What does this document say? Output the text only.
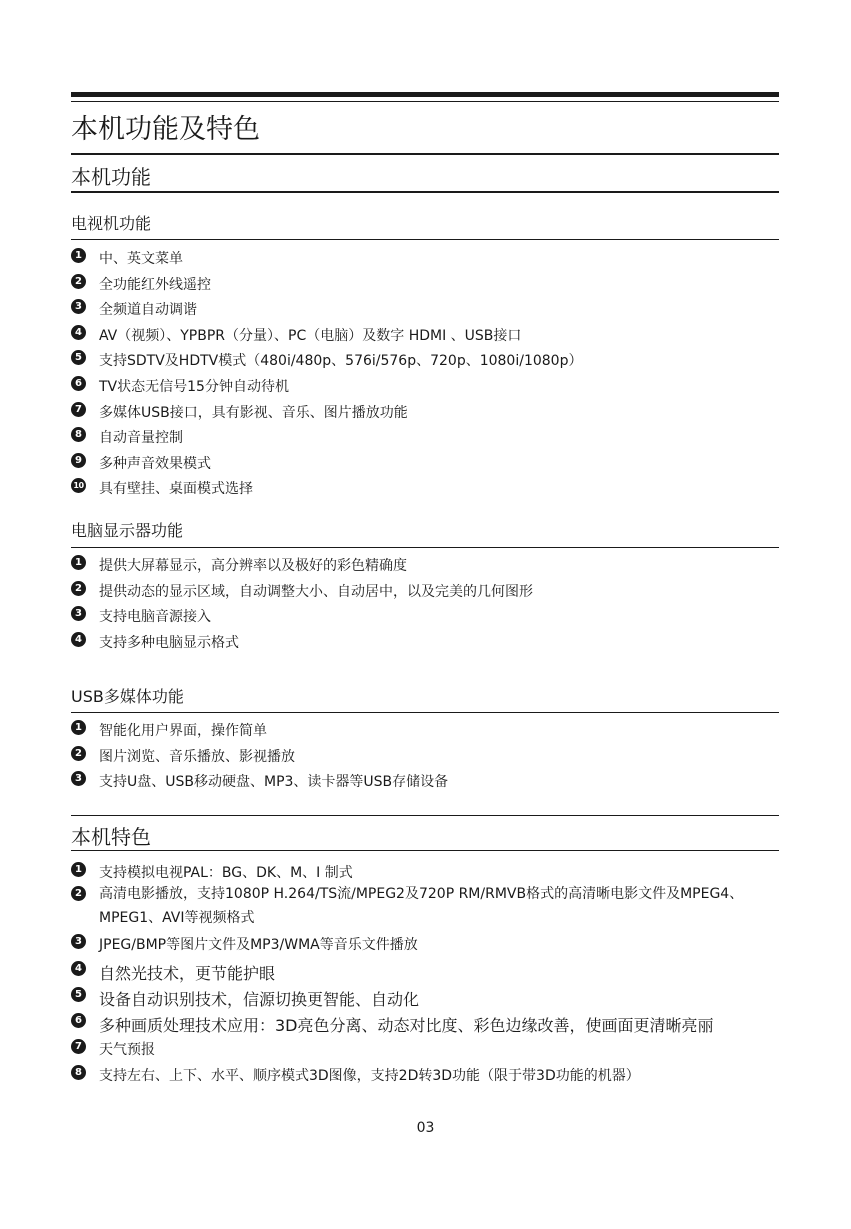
本机功能及特色
本机功能
电视机功能
1 中、英文菜单
2 全功能红外线遥控
3 全频道自动调谐
4 AV（视频）、YPBPR（分量）、PC（电脑）及数字 HDMI 、USB接口
5 支持SDTV及HDTV模式（480i/480p、576i/576p、720p、1080i/1080p）
6 TV状态无信号15分钟自动待机
7 多媒体USB接口，具有影视、音乐、图片播放功能
8 自动音量控制
9 多种声音效果模式
10 具有壁挂、桌面模式选择
电脑显示器功能
1 提供大屏幕显示，高分辨率以及极好的彩色精确度
2 提供动态的显示区域，自动调整大小、自动居中，以及完美的几何图形
3 支持电脑音源接入
4 支持多种电脑显示格式
USB多媒体功能
1 智能化用户界面，操作简单
2 图片浏览、音乐播放、影视播放
3 支持U盘、USB移动硬盘、MP3、读卡器等USB存储设备
本机特色
1 支持模拟电视PAL：BG、DK、M、I 制式
2 高清电影播放，支持1080P H.264/TS流/MPEG2及720P RM/RMVB格式的高清晰电影文件及MPEG4、MPEG1、AVI等视频格式
3 JPEG/BMP等图片文件及MP3/WMA等音乐文件播放
4 自然光技术，更节能护眼
5 设备自动识别技术，信源切换更智能、自动化
6 多种画质处理技术应用：3D亮色分离、动态对比度、彩色边缘改善，使画面更清晰亮丽
7 天气预报
8 支持左右、上下、水平、顺序模式3D图像，支持2D转3D功能（限于带3D功能的机器）
03
